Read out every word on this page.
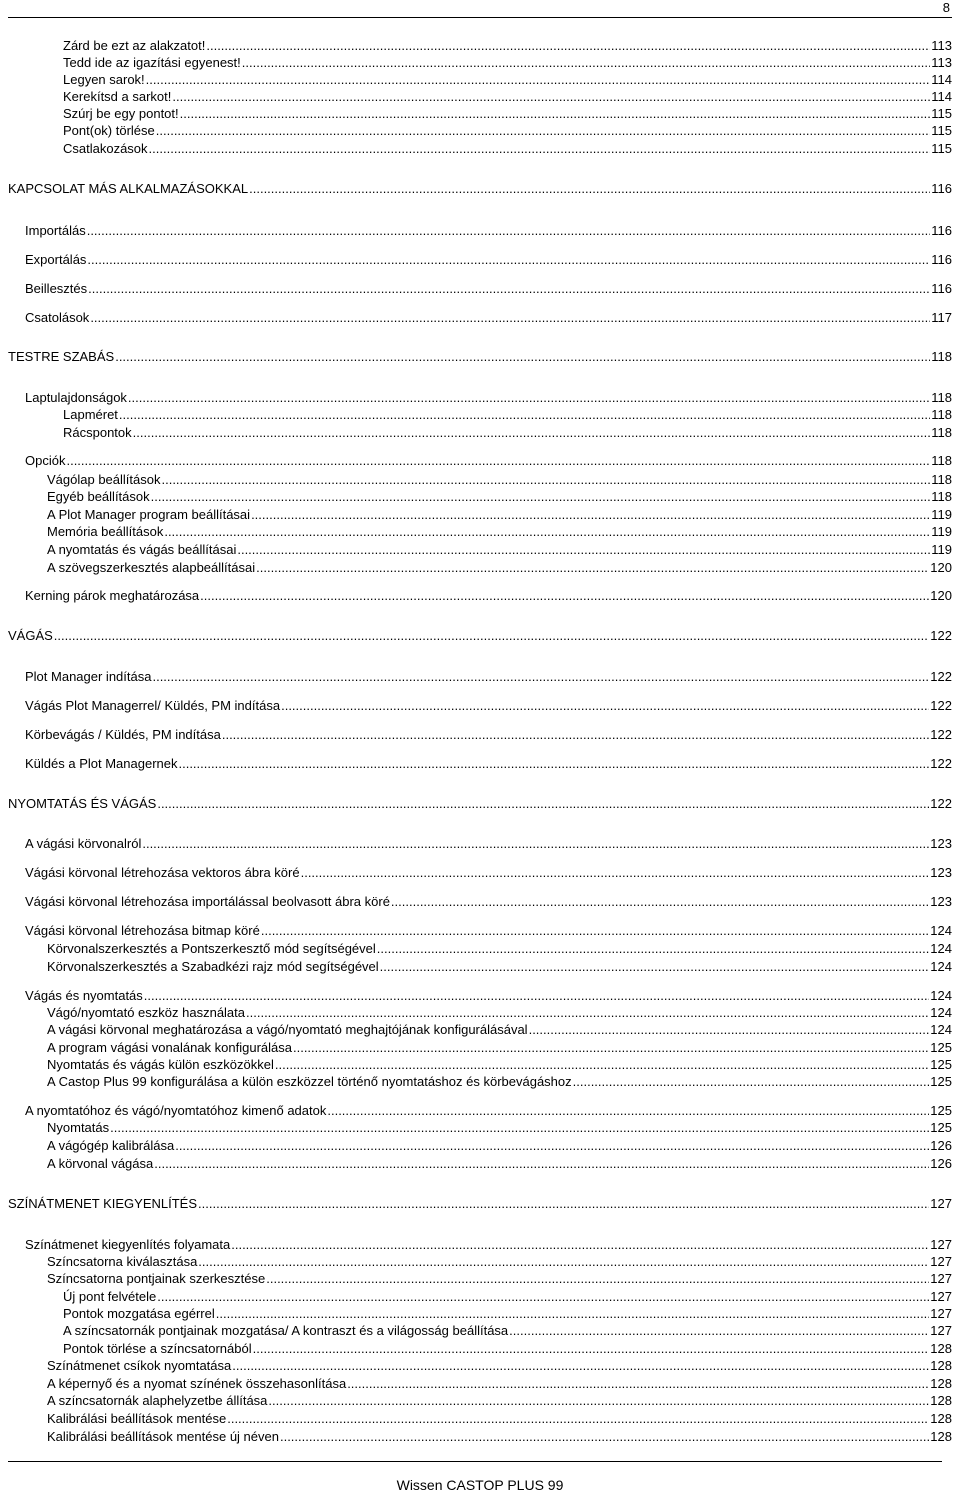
8
Zárd be ezt az alakzatot! .....	113
Tedd ide az igazítási egyenest! .....	113
Legyen sarok! .....	114
Kerekítsd a sarkot! .....	114
Szúrj be egy pontot! .....	115
Pont(ok) törlése .....	115
Csatlakozások .....	115
KAPCSOLAT MÁS ALKALMAZÁSOKKAL .....	116
Importálás .....	116
Exportálás .....	116
Beillesztés .....	116
Csatolások .....	117
TESTRE SZABÁS .....	118
Laptulajdonságok .....	118
Lapméret .....	118
Rácspontok .....	118
Opciók .....	118
Vágólap beállítások .....	118
Egyéb beállítások .....	118
A Plot Manager program beállításai .....	119
Memória beállítások .....	119
A nyomtatás és vágás beállításai .....	119
A szövegszerkesztés alapbeállításai .....	120
Kerning párok meghatározása .....	120
VÁGÁS .....	122
Plot Manager indítása .....	122
Vágás Plot Managerrel/ Küldés, PM indítása .....	122
Körbevágás / Küldés, PM indítása .....	122
Küldés a Plot Managernek .....	122
NYOMTATÁS ÉS VÁGÁS .....	122
A vágási körvonalról .....	123
Vágási körvonal létrehozása vektoros ábra köré .....	123
Vágási körvonal létrehozása importálással beolvasott ábra köré .....	123
Vágási körvonal létrehozása bitmap köré .....	124
Körvonalszerkesztés a Pontszerkesztő mód segítségével .....	124
Körvonalszerkesztés a Szabadkézi rajz mód segítségével .....	124
Vágás és nyomtatás .....	124
Vágó/nyomtató eszköz használata .....	124
A vágási körvonal meghatározása a vágó/nyomtató meghajtójának konfigurálásával .....	124
A program vágási vonalának konfigurálása .....	125
Nyomtatás és vágás külön eszközökkel .....	125
A Castop Plus 99 konfigurálása a külön eszközzel történő nyomtatáshoz és körbevágáshoz .....	125
A nyomtatóhoz és vágó/nyomtatóhoz kimenő adatok .....	125
Nyomtatás .....	125
A vágógép kalibrálása .....	126
A körvonal vágása .....	126
SZÍNÁTMENET KIEGYENLÍTÉS .....	127
Színátmenet kiegyenlítés folyamata .....	127
Színcsatorna kiválasztása .....	127
Színcsatorna pontjainak szerkesztése .....	127
Új pont felvétele .....	127
Pontok mozgatása egérrel .....	127
A színcsatornák pontjainak mozgatása/ A kontraszt és a világosság beállítása .....	127
Pontok törlése a színcsatornából .....	128
Színátmenet csíkok nyomtatása .....	128
A képernyő és a nyomat színének összehasonlítása .....	128
A színcsatornák alaphelyzetbe állítása .....	128
Kalibrálási beállítások mentése .....	128
Kalibrálási beállítások mentése új néven .....	128
Wissen CASTOP PLUS 99
